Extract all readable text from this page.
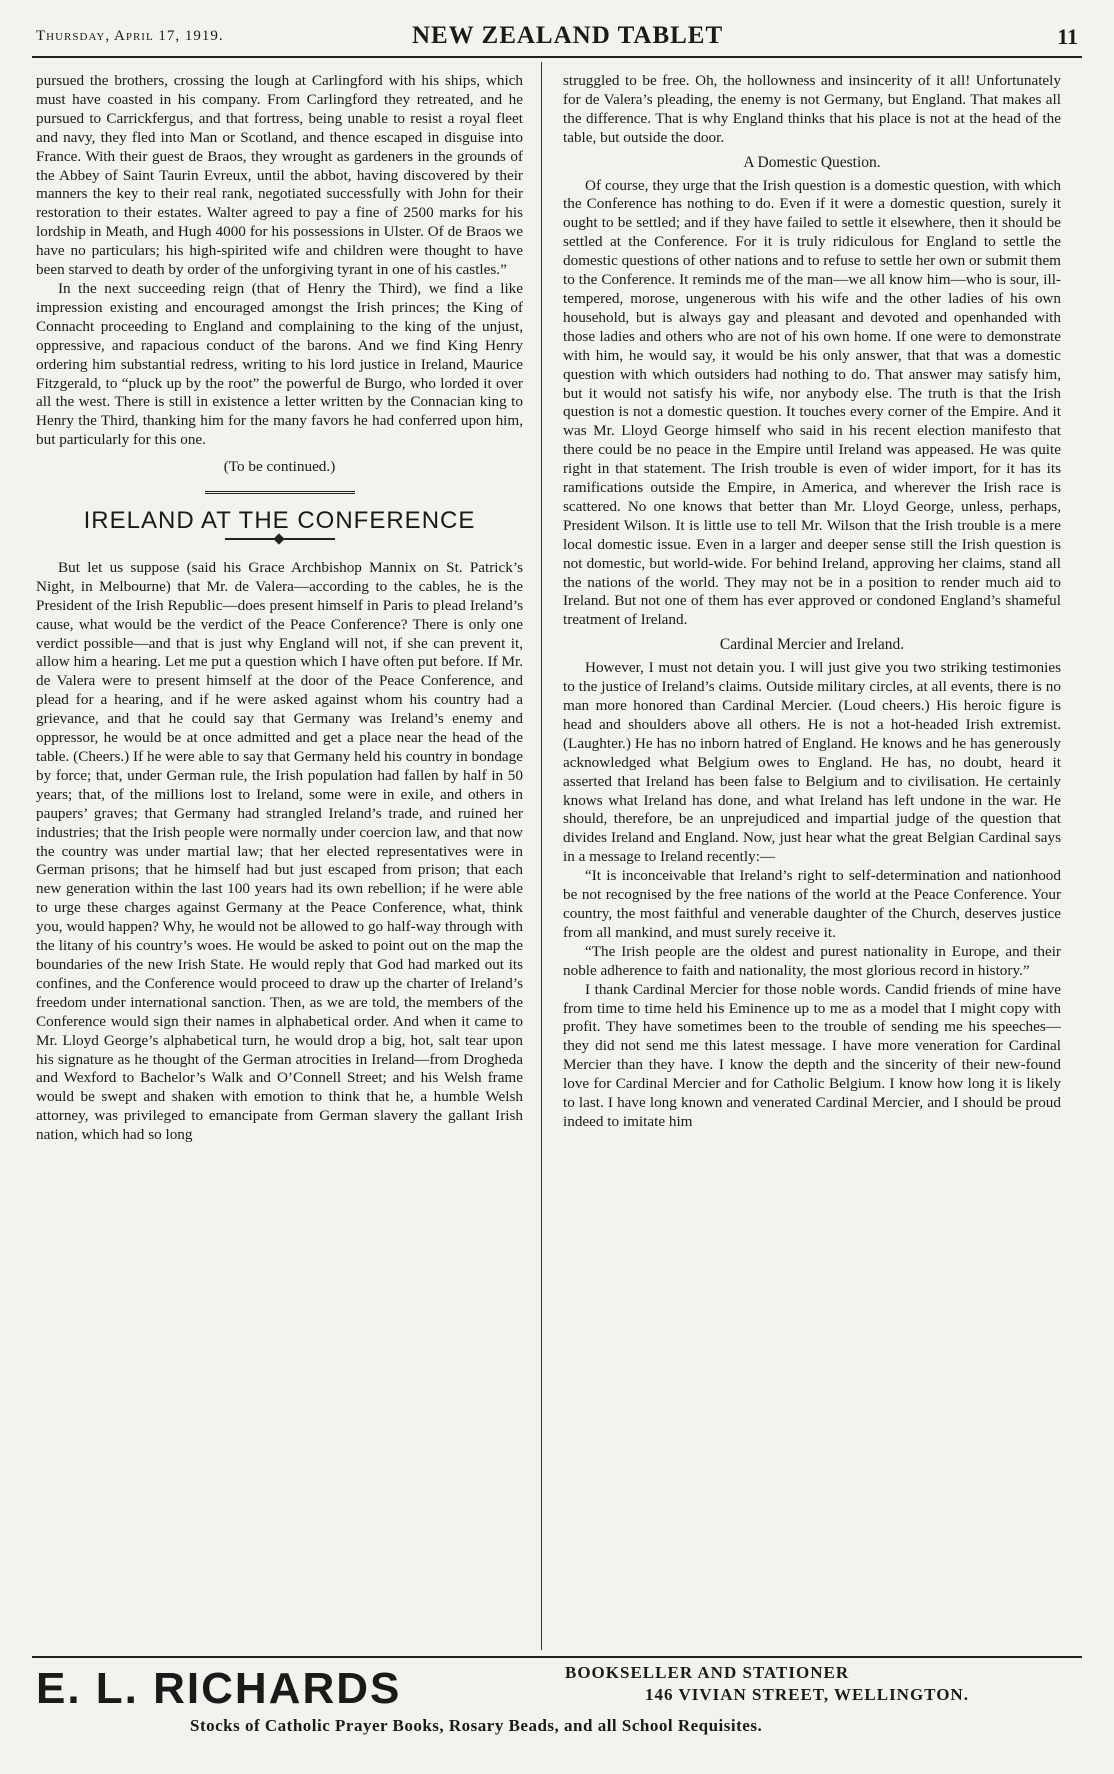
Thursday, April 17, 1919.	NEW ZEALAND TABLET	11

pursued the brothers, crossing the lough at Carlingford with his ships, which must have coasted in his company. From Carlingford they retreated, and he pursued to Carrickfergus, and that fortress, being unable to resist a royal fleet and navy, they fled into Man or Scotland, and thence escaped in disguise into France. With their guest de Braos, they wrought as gardeners in the grounds of the Abbey of Saint Taurin Evreux, until the abbot, having discovered by their manners the key to their real rank, negotiated successfully with John for their restoration to their estates. Walter agreed to pay a fine of 2500 marks for his lordship in Meath, and Hugh 4000 for his possessions in Ulster. Of de Braos we have no particulars; his high-spirited wife and children were thought to have been starved to death by order of the unforgiving tyrant in one of his castles.”

In the next succeeding reign (that of Henry the Third), we find a like impression existing and encouraged amongst the Irish princes; the King of Connacht proceeding to England and complaining to the king of the unjust, oppressive, and rapacious conduct of the barons. And we find King Henry ordering him substantial redress, writing to his lord justice in Ireland, Maurice Fitzgerald, to “pluck up by the root” the powerful de Burgo, who lorded it over all the west. There is still in existence a letter written by the Connacian king to Henry the Third, thanking him for the many favors he had conferred upon him, but particularly for this one.

(To be continued.)
IRELAND AT THE CONFERENCE

But let us suppose (said his Grace Archbishop Mannix on St. Patrick’s Night, in Melbourne) that Mr. de Valera—according to the cables, he is the President of the Irish Republic—does present himself in Paris to plead Ireland’s cause, what would be the verdict of the Peace Conference? There is only one verdict possible—and that is just why England will not, if she can prevent it, allow him a hearing. Let me put a question which I have often put before. If Mr. de Valera were to present himself at the door of the Peace Conference, and plead for a hearing, and if he were asked against whom his country had a grievance, and that he could say that Germany was Ireland’s enemy and oppressor, he would be at once admitted and get a place near the head of the table. (Cheers.) If he were able to say that Germany held his country in bondage by force; that, under German rule, the Irish population had fallen by half in 50 years; that, of the millions lost to Ireland, some were in exile, and others in paupers’ graves; that Germany had strangled Ireland’s trade, and ruined her industries; that the Irish people were normally under coercion law, and that now the country was under martial law; that her elected representatives were in German prisons; that he himself had but just escaped from prison; that each new generation within the last 100 years had its own rebellion; if he were able to urge these charges against Germany at the Peace Conference, what, think you, would happen? Why, he would not be allowed to go half-way through with the litany of his country’s woes. He would be asked to point out on the map the boundaries of the new Irish State. He would reply that God had marked out its confines, and the Conference would proceed to draw up the charter of Ireland’s freedom under international sanction. Then, as we are told, the members of the Conference would sign their names in alphabetical order. And when it came to Mr. Lloyd George’s alphabetical turn, he would drop a big, hot, salt tear upon his signature as he thought of the German atrocities in Ireland—from Drogheda and Wexford to Bachelor’s Walk and O’Connell Street; and his Welsh frame would be swept and shaken with emotion to think that he, a humble Welsh attorney, was privileged to emancipate from German slavery the gallant Irish nation, which had so long

struggled to be free. Oh, the hollowness and insincerity of it all! Unfortunately for de Valera’s pleading, the enemy is not Germany, but England. That makes all the difference. That is why England thinks that his place is not at the head of the table, but outside the door.

A Domestic Question.

Of course, they urge that the Irish question is a domestic question, with which the Conference has nothing to do. Even if it were a domestic question, surely it ought to be settled; and if they have failed to settle it elsewhere, then it should be settled at the Conference. For it is truly ridiculous for England to settle the domestic questions of other nations and to refuse to settle her own or submit them to the Conference. It reminds me of the man—we all know him—who is sour, ill-tempered, morose, ungenerous with his wife and the other ladies of his own household, but is always gay and pleasant and devoted and openhanded with those ladies and others who are not of his own home. If one were to demonstrate with him, he would say, it would be his only answer, that that was a domestic question with which outsiders had nothing to do. That answer may satisfy him, but it would not satisfy his wife, nor anybody else. The truth is that the Irish question is not a domestic question. It touches every corner of the Empire. And it was Mr. Lloyd George himself who said in his recent election manifesto that there could be no peace in the Empire until Ireland was appeased. He was quite right in that statement. The Irish trouble is even of wider import, for it has its ramifications outside the Empire, in America, and wherever the Irish race is scattered. No one knows that better than Mr. Lloyd George, unless, perhaps, President Wilson. It is little use to tell Mr. Wilson that the Irish trouble is a mere local domestic issue. Even in a larger and deeper sense still the Irish question is not domestic, but world-wide. For behind Ireland, approving her claims, stand all the nations of the world. They may not be in a position to render much aid to Ireland. But not one of them has ever approved or condoned England’s shameful treatment of Ireland.

Cardinal Mercier and Ireland.

However, I must not detain you. I will just give you two striking testimonies to the justice of Ireland’s claims. Outside military circles, at all events, there is no man more honored than Cardinal Mercier. (Loud cheers.) His heroic figure is head and shoulders above all others. He is not a hot-headed Irish extremist. (Laughter.) He has no inborn hatred of England. He knows and he has generously acknowledged what Belgium owes to England. He has, no doubt, heard it asserted that Ireland has been false to Belgium and to civilisation. He certainly knows what Ireland has done, and what Ireland has left undone in the war. He should, therefore, be an unprejudiced and impartial judge of the question that divides Ireland and England. Now, just hear what the great Belgian Cardinal says in a message to Ireland recently:—

“It is inconceivable that Ireland’s right to self-determination and nationhood be not recognised by the free nations of the world at the Peace Conference. Your country, the most faithful and venerable daughter of the Church, deserves justice from all mankind, and must surely receive it.

“The Irish people are the oldest and purest nationality in Europe, and their noble adherence to faith and nationality, the most glorious record in history.”

I thank Cardinal Mercier for those noble words. Candid friends of mine have from time to time held his Eminence up to me as a model that I might copy with profit. They have sometimes been to the trouble of sending me his speeches—they did not send me this latest message. I have more veneration for Cardinal Mercier than they have. I know the depth and the sincerity of their new-found love for Cardinal Mercier and for Catholic Belgium. I know how long it is likely to last. I have long known and venerated Cardinal Mercier, and I should be proud indeed to imitate him

E. L. RICHARDS	BOOKSELLER AND STATIONER
146 VIVIAN STREET, WELLINGTON.
Stocks of Catholic Prayer Books, Rosary Beads, and all School Requisites.
